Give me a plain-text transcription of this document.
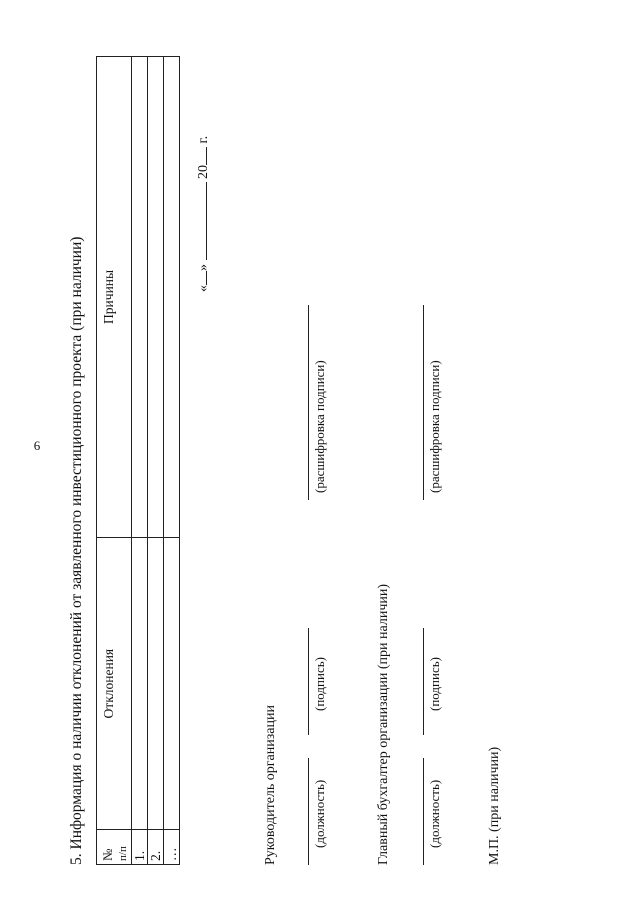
6 5. Информация о наличии отклонений от заявленного инвестиционного проекта (при наличии) № п/п	Отклонения	Причины
1.		
2.		
…		
«»  20 г.
Руководитель организации	(должность)
(подпись)
(расшифровка подписи)
Главный бухгалтер организации (при наличии)	(должность)
(подпись)
(расшифровка подписи)
М.П. (при наличии)
